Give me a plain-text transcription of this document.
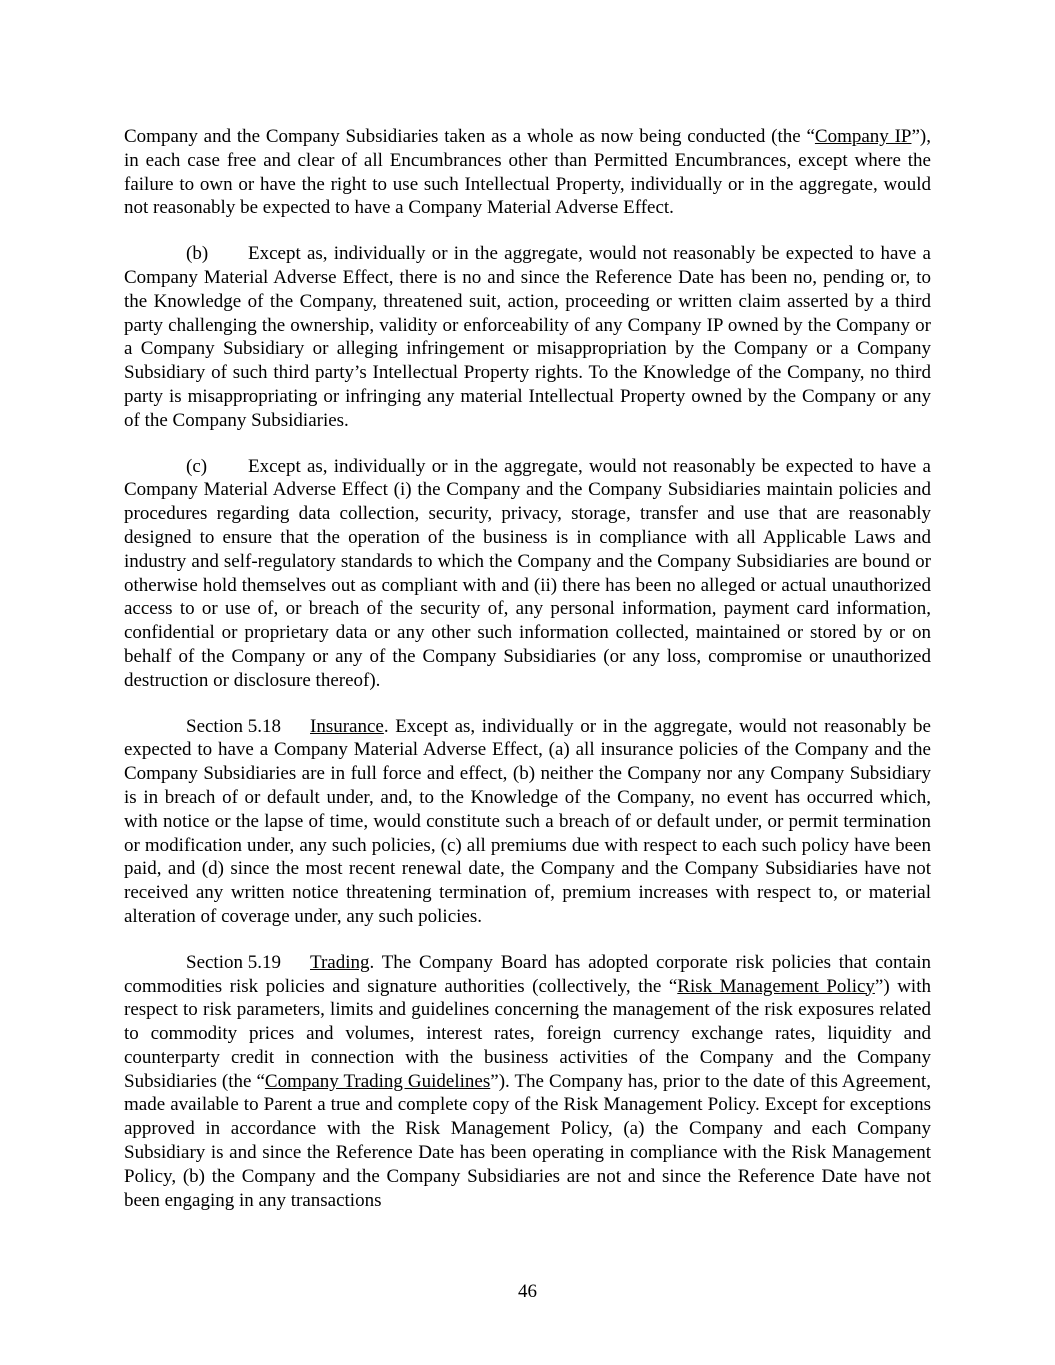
Company and the Company Subsidiaries taken as a whole as now being conducted (the “Company IP”), in each case free and clear of all Encumbrances other than Permitted Encumbrances, except where the failure to own or have the right to use such Intellectual Property, individually or in the aggregate, would not reasonably be expected to have a Company Material Adverse Effect.

(b) Except as, individually or in the aggregate, would not reasonably be expected to have a Company Material Adverse Effect, there is no and since the Reference Date has been no, pending or, to the Knowledge of the Company, threatened suit, action, proceeding or written claim asserted by a third party challenging the ownership, validity or enforceability of any Company IP owned by the Company or a Company Subsidiary or alleging infringement or misappropriation by the Company or a Company Subsidiary of such third party’s Intellectual Property rights. To the Knowledge of the Company, no third party is misappropriating or infringing any material Intellectual Property owned by the Company or any of the Company Subsidiaries.

(c) Except as, individually or in the aggregate, would not reasonably be expected to have a Company Material Adverse Effect (i) the Company and the Company Subsidiaries maintain policies and procedures regarding data collection, security, privacy, storage, transfer and use that are reasonably designed to ensure that the operation of the business is in compliance with all Applicable Laws and industry and self-regulatory standards to which the Company and the Company Subsidiaries are bound or otherwise hold themselves out as compliant with and (ii) there has been no alleged or actual unauthorized access to or use of, or breach of the security of, any personal information, payment card information, confidential or proprietary data or any other such information collected, maintained or stored by or on behalf of the Company or any of the Company Subsidiaries (or any loss, compromise or unauthorized destruction or disclosure thereof).

Section 5.18 Insurance. Except as, individually or in the aggregate, would not reasonably be expected to have a Company Material Adverse Effect, (a) all insurance policies of the Company and the Company Subsidiaries are in full force and effect, (b) neither the Company nor any Company Subsidiary is in breach of or default under, and, to the Knowledge of the Company, no event has occurred which, with notice or the lapse of time, would constitute such a breach of or default under, or permit termination or modification under, any such policies, (c) all premiums due with respect to each such policy have been paid, and (d) since the most recent renewal date, the Company and the Company Subsidiaries have not received any written notice threatening termination of, premium increases with respect to, or material alteration of coverage under, any such policies.

Section 5.19 Trading. The Company Board has adopted corporate risk policies that contain commodities risk policies and signature authorities (collectively, the “Risk Management Policy”) with respect to risk parameters, limits and guidelines concerning the management of the risk exposures related to commodity prices and volumes, interest rates, foreign currency exchange rates, liquidity and counterparty credit in connection with the business activities of the Company and the Company Subsidiaries (the “Company Trading Guidelines”). The Company has, prior to the date of this Agreement, made available to Parent a true and complete copy of the Risk Management Policy. Except for exceptions approved in accordance with the Risk Management Policy, (a) the Company and each Company Subsidiary is and since the Reference Date has been operating in compliance with the Risk Management Policy, (b) the Company and the Company Subsidiaries are not and since the Reference Date have not been engaging in any transactions

46
